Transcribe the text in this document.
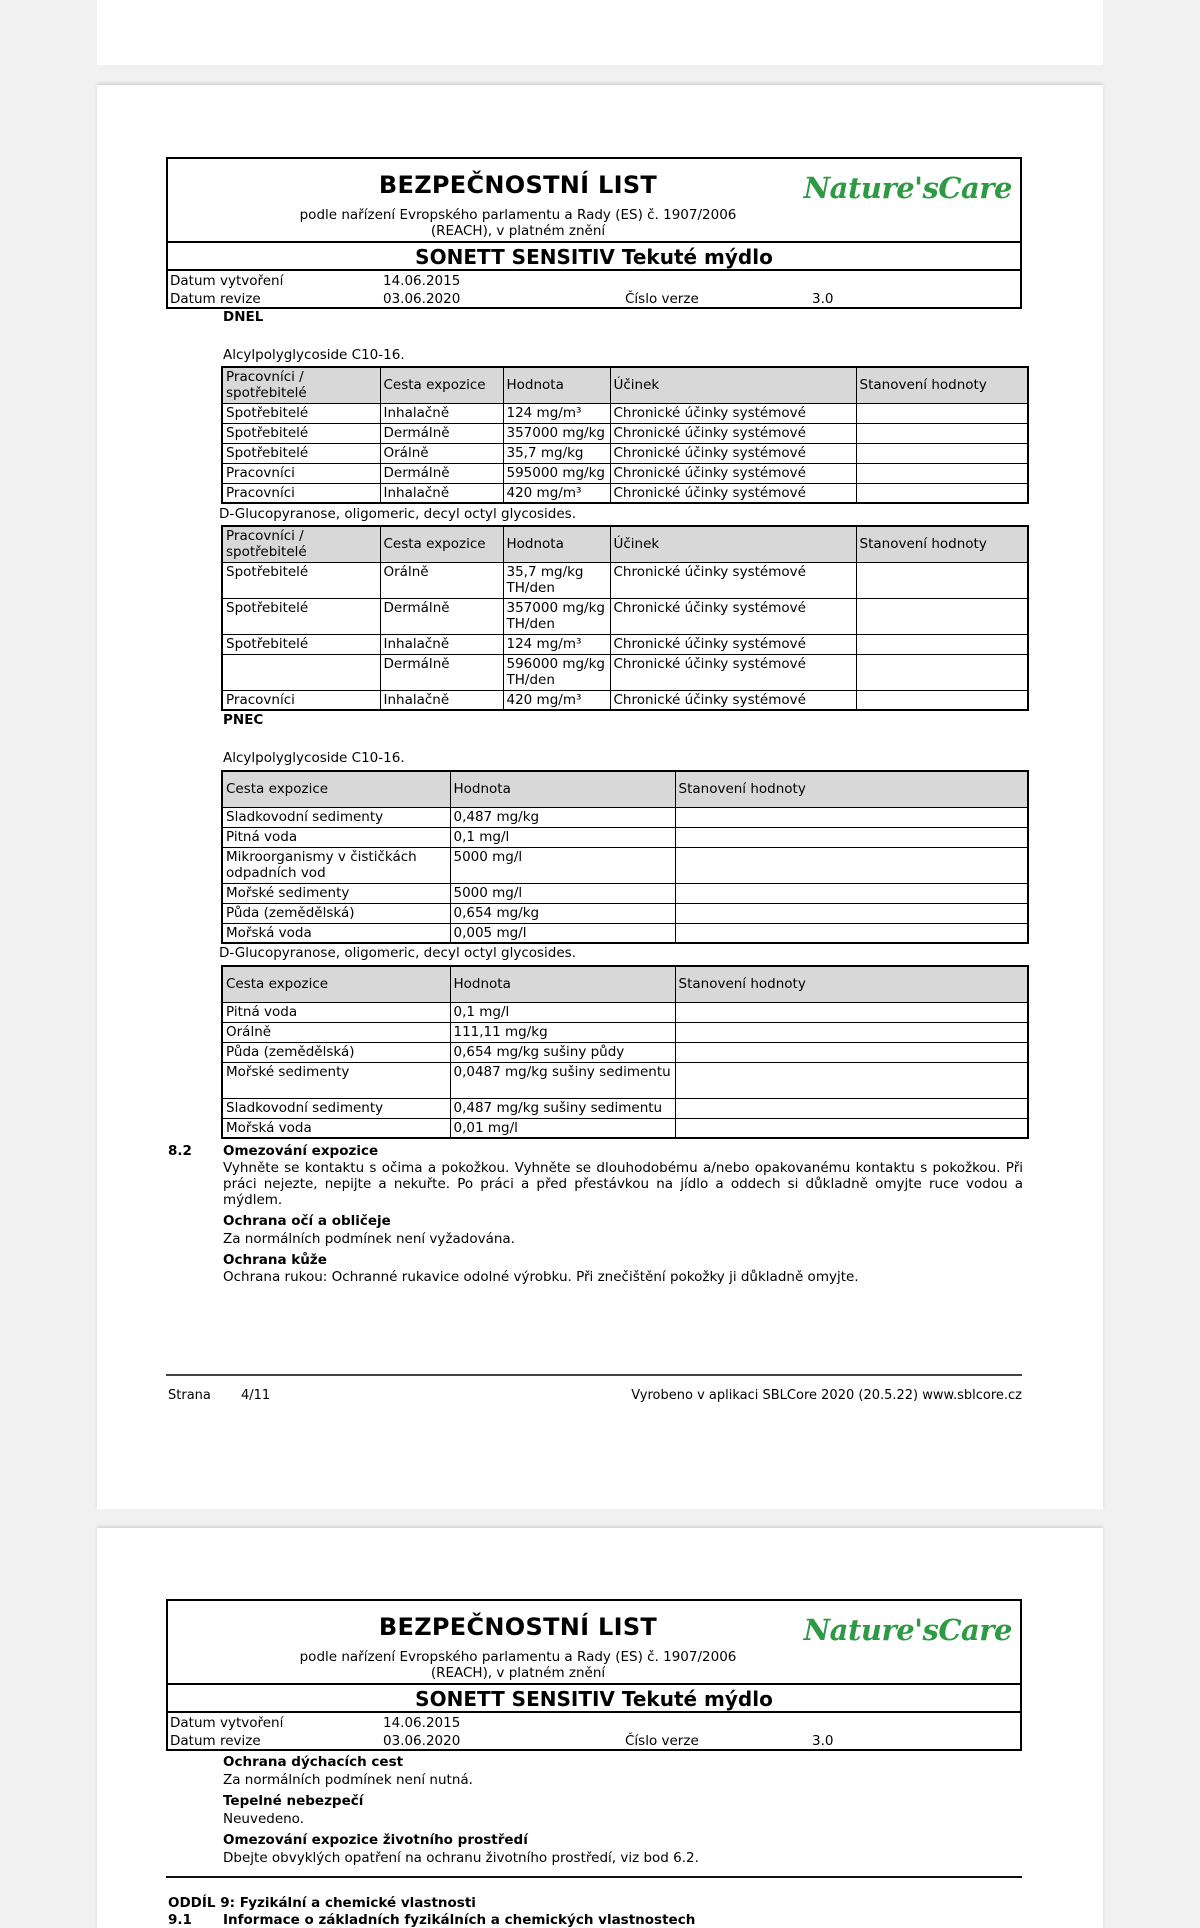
BEZPEČNOSTNÍ LIST
podle nařízení Evropského parlamentu a Rady (ES) č. 1907/2006
(REACH), v platném znění
Nature'sCare
SONETT SENSITIV Tekuté mýdlo
Datum vytvoření	14.06.2015
Datum revize	03.06.2020	Číslo verze	3.0
DNEL
Alcylpolyglycoside C10-16.
Pracovníci / spotřebitelé	Cesta expozice	Hodnota	Účinek	Stanovení hodnoty
Spotřebitelé	Inhalačně	124 mg/m³	Chronické účinky systémové	
Spotřebitelé	Dermálně	357000 mg/kg	Chronické účinky systémové	
Spotřebitelé	Orálně	35,7 mg/kg	Chronické účinky systémové	
Pracovníci	Dermálně	595000 mg/kg	Chronické účinky systémové	
Pracovníci	Inhalačně	420 mg/m³	Chronické účinky systémové	
D-Glucopyranose, oligomeric, decyl octyl glycosides.
Pracovníci / spotřebitelé	Cesta expozice	Hodnota	Účinek	Stanovení hodnoty
Spotřebitelé	Orálně	35,7 mg/kg TH/den	Chronické účinky systémové	
Spotřebitelé	Dermálně	357000 mg/kg TH/den	Chronické účinky systémové	
Spotřebitelé	Inhalačně	124 mg/m³	Chronické účinky systémové	
	Dermálně	596000 mg/kg TH/den	Chronické účinky systémové	
Pracovníci	Inhalačně	420 mg/m³	Chronické účinky systémové	
PNEC
Alcylpolyglycoside C10-16.
Cesta expozice	Hodnota	Stanovení hodnoty
Sladkovodní sedimenty	0,487 mg/kg	
Pitná voda	0,1 mg/l	
Mikroorganismy v čističkách odpadních vod	5000 mg/l	
Mořské sedimenty	5000 mg/l	
Půda (zemědělská)	0,654 mg/kg	
Mořská voda	0,005 mg/l	
D-Glucopyranose, oligomeric, decyl octyl glycosides.
Cesta expozice	Hodnota	Stanovení hodnoty
Pitná voda	0,1 mg/l	
Orálně	111,11 mg/kg	
Půda (zemědělská)	0,654 mg/kg sušiny půdy	
Mořské sedimenty	0,0487 mg/kg sušiny sedimentu	
Sladkovodní sedimenty	0,487 mg/kg sušiny sedimentu	
Mořská voda	0,01 mg/l	
8.2 Omezování expozice
Vyhněte se kontaktu s očima a pokožkou. Vyhněte se dlouhodobému a/nebo opakovanému kontaktu s pokožkou. Při práci nejezte, nepijte a nekuřte. Po práci a před přestávkou na jídlo a oddech si důkladně omyjte ruce vodou a mýdlem.
Ochrana očí a obličeje
Za normálních podmínek není vyžadována.
Ochrana kůže
Ochrana rukou: Ochranné rukavice odolné výrobku. Při znečištění pokožky ji důkladně omyjte.
Strana 4/11	Vyrobeno v aplikaci SBLCore 2020 (20.5.22) www.sblcore.cz
BEZPEČNOSTNÍ LIST
podle nařízení Evropského parlamentu a Rady (ES) č. 1907/2006
(REACH), v platném znění
Nature'sCare
SONETT SENSITIV Tekuté mýdlo
Datum vytvoření	14.06.2015
Datum revize	03.06.2020	Číslo verze	3.0
Ochrana dýchacích cest
Za normálních podmínek není nutná.
Tepelné nebezpečí
Neuvedeno.
Omezování expozice životního prostředí
Dbejte obvyklých opatření na ochranu životního prostředí, viz bod 6.2.
ODDÍL 9: Fyzikální a chemické vlastnosti
9.1 Informace o základních fyzikálních a chemických vlastnostech
